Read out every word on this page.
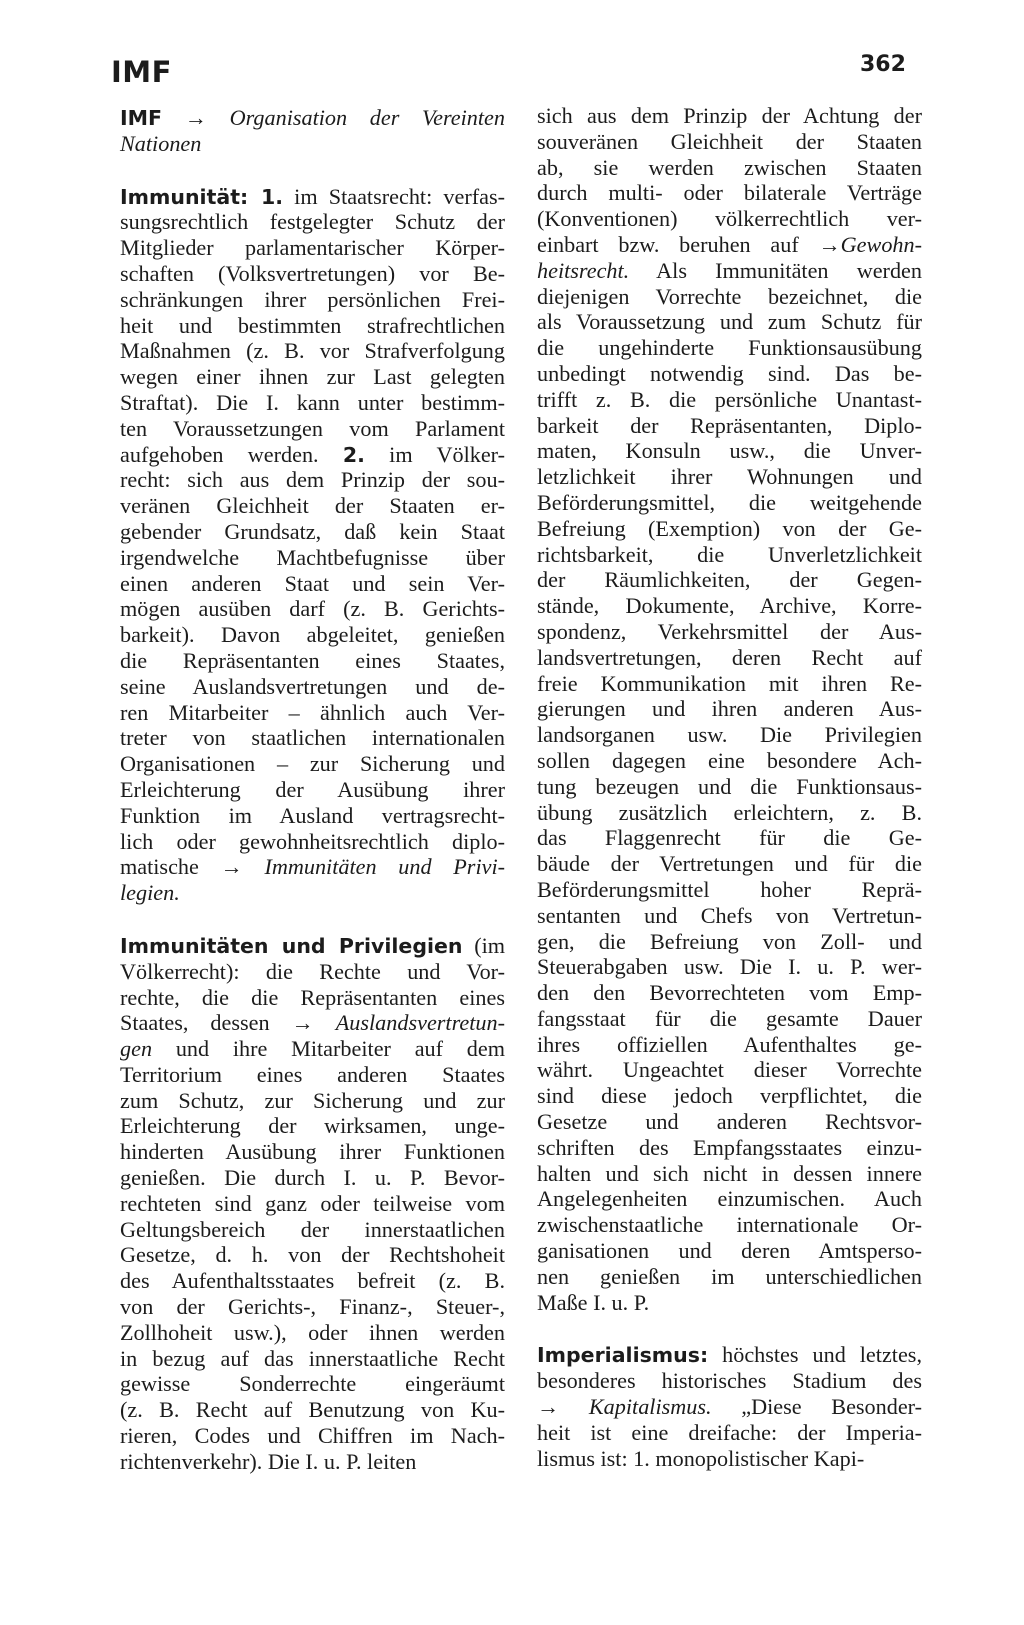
IMF	362
IMF → Organisation der Vereinten
Nationen
Immunität: 1. im Staatsrecht: verfas-
sungsrechtlich festgelegter Schutz der
Mitglieder parlamentarischer Körper-
schaften (Volksvertretungen) vor Be-
schränkungen ihrer persönlichen Frei-
heit und bestimmten strafrechtlichen
Maßnahmen (z. B. vor Strafverfolgung
wegen einer ihnen zur Last gelegten
Straftat). Die I. kann unter bestimm-
ten Voraussetzungen vom Parlament
aufgehoben werden. 2. im Völker-
recht: sich aus dem Prinzip der sou-
veränen Gleichheit der Staaten er-
gebender Grundsatz, daß kein Staat
irgendwelche Machtbefugnisse über
einen anderen Staat und sein Ver-
mögen ausüben darf (z. B. Gerichts-
barkeit). Davon abgeleitet, genießen
die Repräsentanten eines Staates,
seine Auslandsvertretungen und de-
ren Mitarbeiter – ähnlich auch Ver-
treter von staatlichen internationalen
Organisationen – zur Sicherung und
Erleichterung der Ausübung ihrer
Funktion im Ausland vertragsrecht-
lich oder gewohnheitsrechtlich diplo-
matische → Immunitäten und Privi-
legien.
Immunitäten und Privilegien (im
Völkerrecht): die Rechte und Vor-
rechte, die die Repräsentanten eines
Staates, dessen → Auslandsvertretun-
gen und ihre Mitarbeiter auf dem
Territorium eines anderen Staates
zum Schutz, zur Sicherung und zur
Erleichterung der wirksamen, unge-
hinderten Ausübung ihrer Funktionen
genießen. Die durch I. u. P. Bevor-
rechteten sind ganz oder teilweise vom
Geltungsbereich der innerstaatlichen
Gesetze, d. h. von der Rechtshoheit
des Aufenthaltsstaates befreit (z. B.
von der Gerichts-, Finanz-, Steuer-,
Zollhoheit usw.), oder ihnen werden
in bezug auf das innerstaatliche Recht
gewisse Sonderrechte eingeräumt
(z. B. Recht auf Benutzung von Ku-
rieren, Codes und Chiffren im Nach-
richtenverkehr). Die I. u. P. leiten
sich aus dem Prinzip der Achtung der
souveränen Gleichheit der Staaten
ab, sie werden zwischen Staaten
durch multi- oder bilaterale Verträge
(Konventionen) völkerrechtlich ver-
einbart bzw. beruhen auf →Gewohn-
heitsrecht. Als Immunitäten werden
diejenigen Vorrechte bezeichnet, die
als Voraussetzung und zum Schutz für
die ungehinderte Funktionsausübung
unbedingt notwendig sind. Das be-
trifft z. B. die persönliche Unantast-
barkeit der Repräsentanten, Diplo-
maten, Konsuln usw., die Unver-
letzlichkeit ihrer Wohnungen und
Beförderungsmittel, die weitgehende
Befreiung (Exemption) von der Ge-
richtsbarkeit, die Unverletzlichkeit
der Räumlichkeiten, der Gegen-
stände, Dokumente, Archive, Korre-
spondenz, Verkehrsmittel der Aus-
landsvertretungen, deren Recht auf
freie Kommunikation mit ihren Re-
gierungen und ihren anderen Aus-
landsorganen usw. Die Privilegien
sollen dagegen eine besondere Ach-
tung bezeugen und die Funktionsaus-
übung zusätzlich erleichtern, z. B.
das Flaggenrecht für die Ge-
bäude der Vertretungen und für die
Beförderungsmittel hoher Reprä-
sentanten und Chefs von Vertretun-
gen, die Befreiung von Zoll- und
Steuerabgaben usw. Die I. u. P. wer-
den den Bevorrechteten vom Emp-
fangsstaat für die gesamte Dauer
ihres offiziellen Aufenthaltes ge-
währt. Ungeachtet dieser Vorrechte
sind diese jedoch verpflichtet, die
Gesetze und anderen Rechtsvor-
schriften des Empfangsstaates einzu-
halten und sich nicht in dessen innere
Angelegenheiten einzumischen. Auch
zwischenstaatliche internationale Or-
ganisationen und deren Amtsperso-
nen genießen im unterschiedlichen
Maße I. u. P.
Imperialismus: höchstes und letztes,
besonderes historisches Stadium des
→ Kapitalismus. „Diese Besonder-
heit ist eine dreifache: der Imperia-
lismus ist: 1. monopolistischer Kapi-
